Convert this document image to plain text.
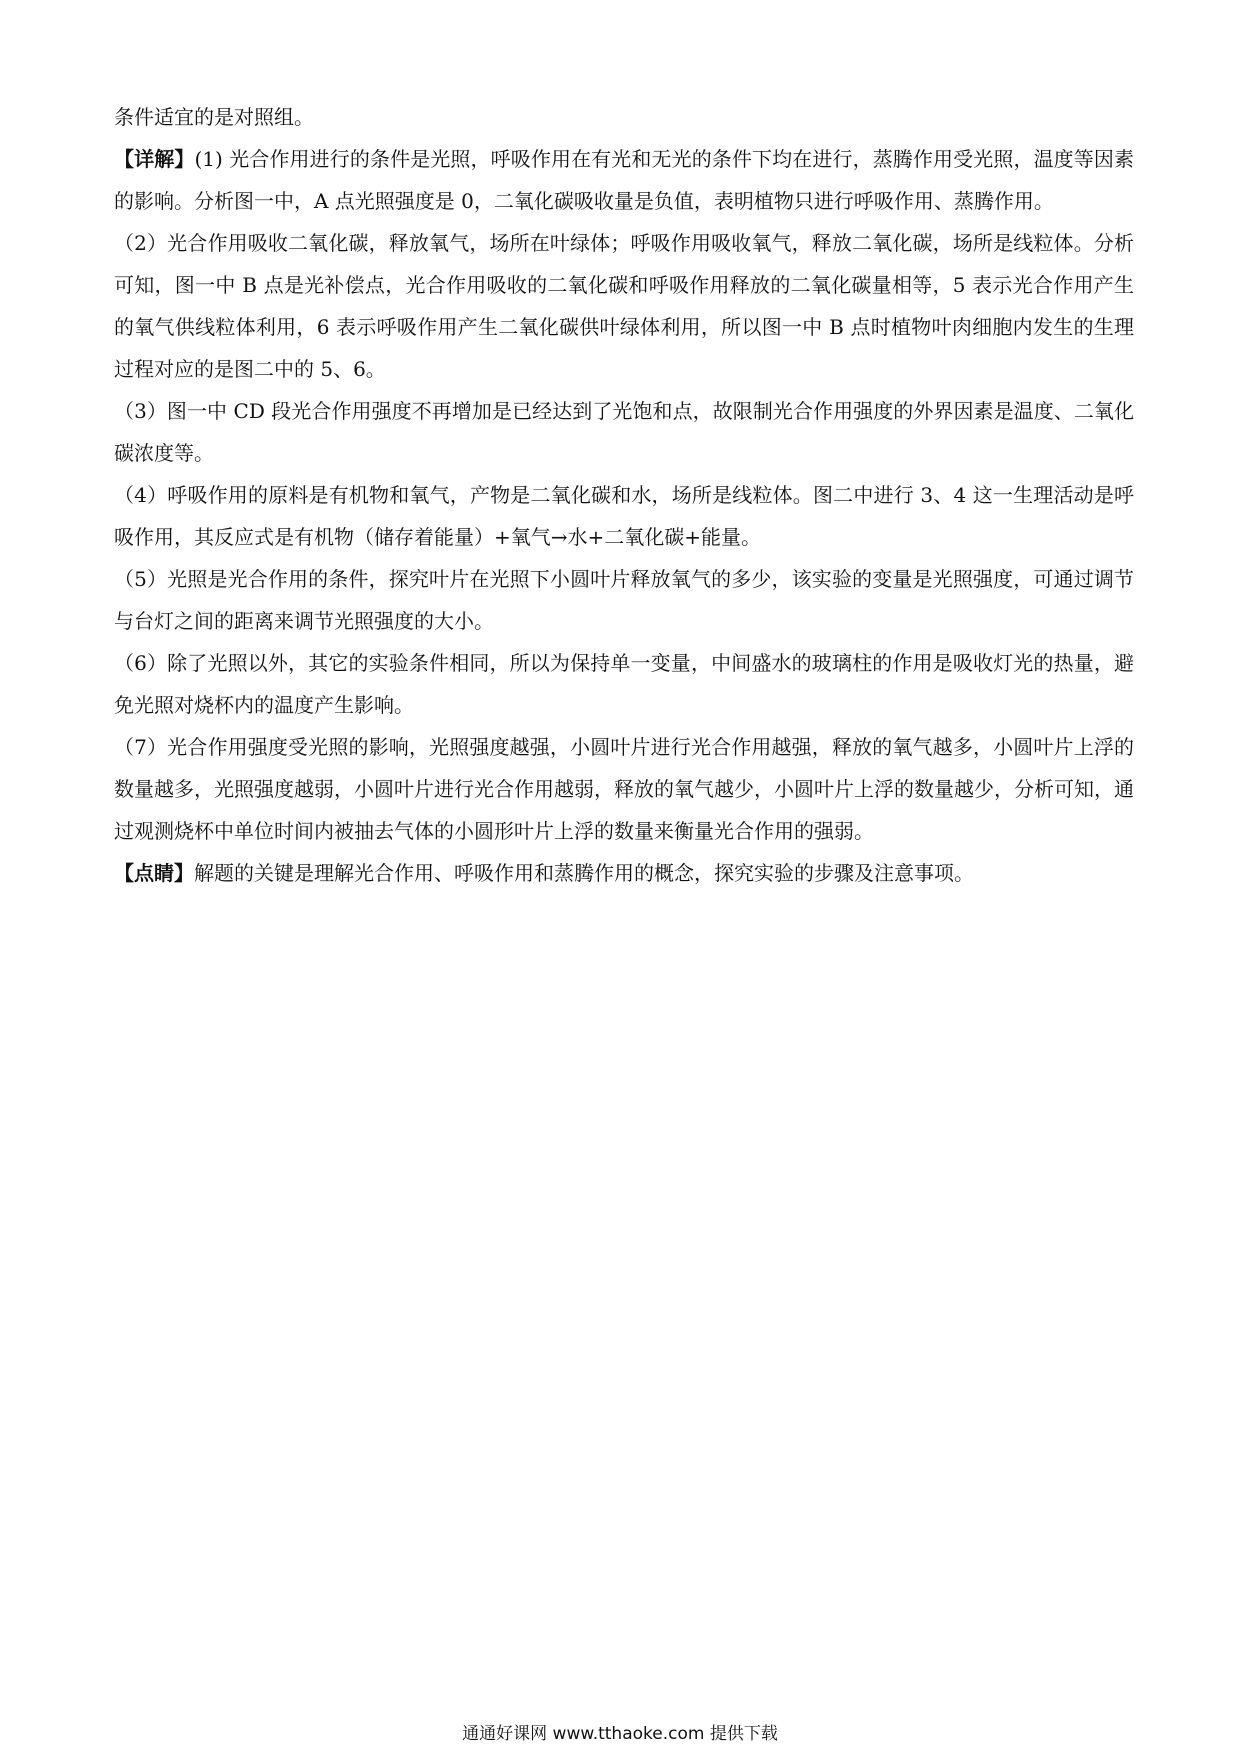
条件适宜的是对照组。

【详解】(1) 光合作用进行的条件是光照，呼吸作用在有光和无光的条件下均在进行，蒸腾作用受光照，温度等因素的影响。分析图一中，A 点光照强度是 0，二氧化碳吸收量是负值，表明植物只进行呼吸作用、蒸腾作用。

（2）光合作用吸收二氧化碳，释放氧气，场所在叶绿体；呼吸作用吸收氧气，释放二氧化碳，场所是线粒体。分析可知，图一中 B 点是光补偿点，光合作用吸收的二氧化碳和呼吸作用释放的二氧化碳量相等，5 表示光合作用产生的氧气供线粒体利用，6 表示呼吸作用产生二氧化碳供叶绿体利用，所以图一中 B 点时植物叶肉细胞内发生的生理过程对应的是图二中的 5、6。

（3）图一中 CD 段光合作用强度不再增加是已经达到了光饱和点，故限制光合作用强度的外界因素是温度、二氧化碳浓度等。

（4）呼吸作用的原料是有机物和氧气，产物是二氧化碳和水，场所是线粒体。图二中进行 3、4 这一生理活动是呼吸作用，其反应式是有机物（储存着能量）+氧气→水+二氧化碳+能量。

（5）光照是光合作用的条件，探究叶片在光照下小圆叶片释放氧气的多少，该实验的变量是光照强度，可通过调节与台灯之间的距离来调节光照强度的大小。

（6）除了光照以外，其它的实验条件相同，所以为保持单一变量，中间盛水的玻璃柱的作用是吸收灯光的热量，避免光照对烧杯内的温度产生影响。

（7）光合作用强度受光照的影响，光照强度越强，小圆叶片进行光合作用越强，释放的氧气越多，小圆叶片上浮的数量越多，光照强度越弱，小圆叶片进行光合作用越弱，释放的氧气越少，小圆叶片上浮的数量越少，分析可知，通过观测烧杯中单位时间内被抽去气体的小圆形叶片上浮的数量来衡量光合作用的强弱。

【点睛】解题的关键是理解光合作用、呼吸作用和蒸腾作用的概念，探究实验的步骤及注意事项。

通通好课网 www.tthaoke.com 提供下载
